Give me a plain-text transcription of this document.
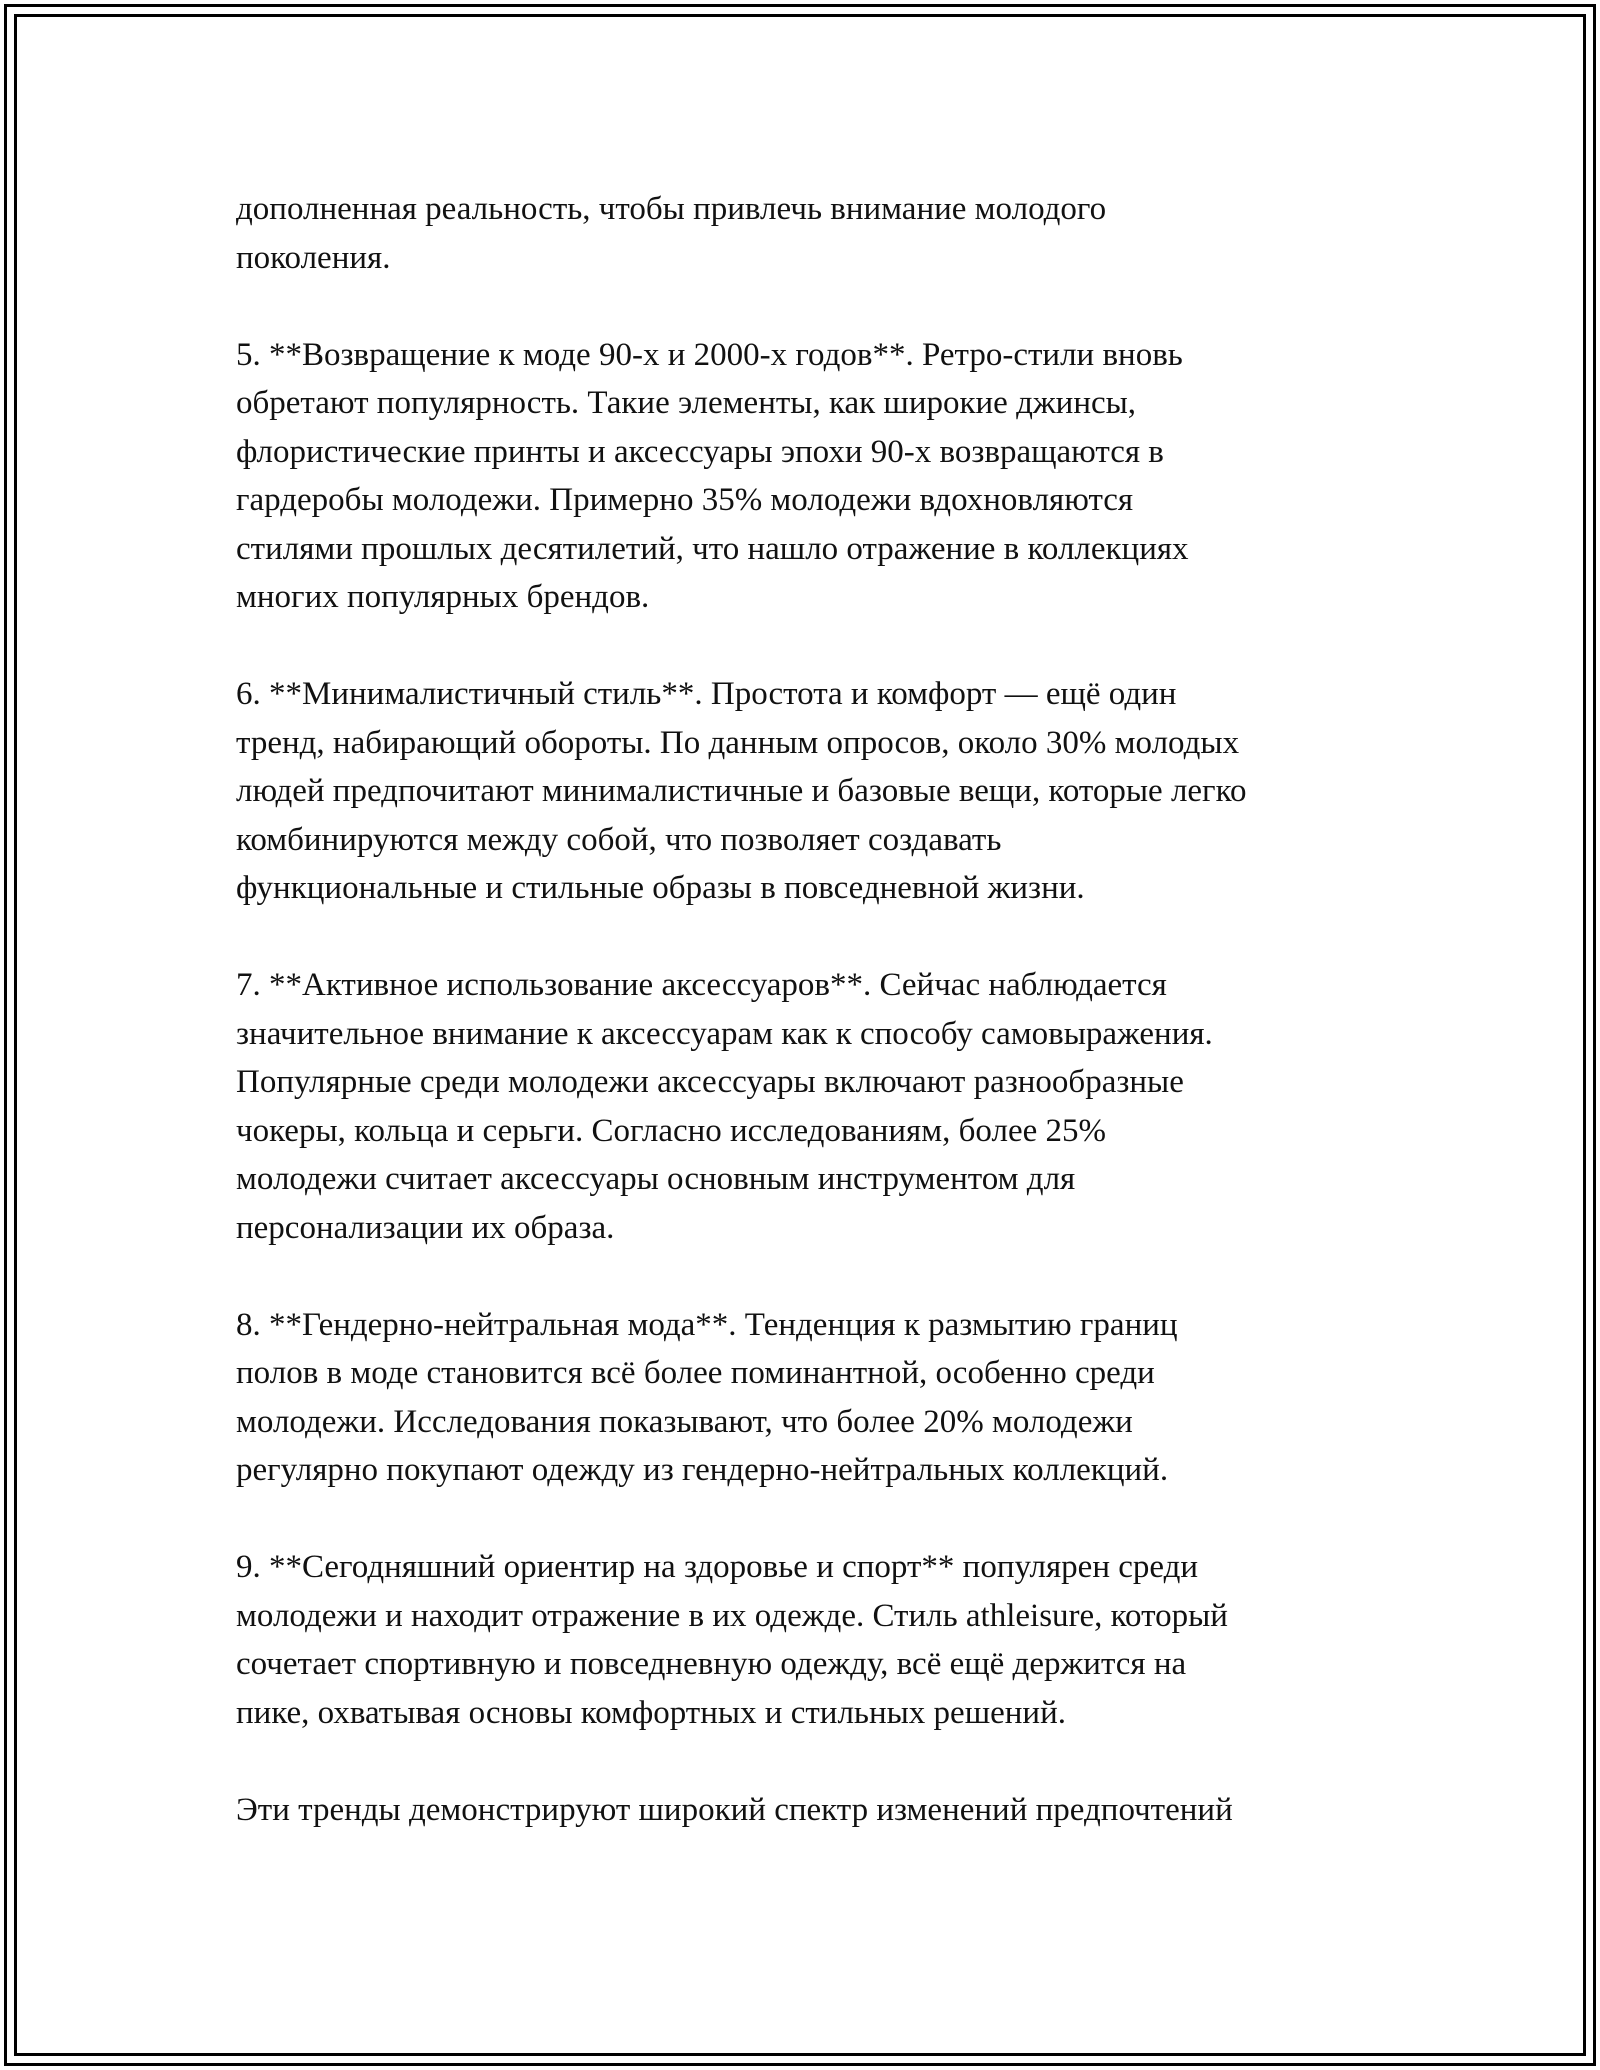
дополненная реальность, чтобы привлечь внимание молодого
поколения.

5. **Возвращение к моде 90-х и 2000-х годов**. Ретро-стили вновь
обретают популярность. Такие элементы, как широкие джинсы,
флористические принты и аксессуары эпохи 90-х возвращаются в
гардеробы молодежи. Примерно 35% молодежи вдохновляются
стилями прошлых десятилетий, что нашло отражение в коллекциях
многих популярных брендов.

6. **Минималистичный стиль**. Простота и комфорт — ещё один
тренд, набирающий обороты. По данным опросов, около 30% молодых
людей предпочитают минималистичные и базовые вещи, которые легко
комбинируются между собой, что позволяет создавать
функциональные и стильные образы в повседневной жизни.

7. **Активное использование аксессуаров**. Сейчас наблюдается
значительное внимание к аксессуарам как к способу самовыражения.
Популярные среди молодежи аксессуары включают разнообразные
чокеры, кольца и серьги. Согласно исследованиям, более 25%
молодежи считает аксессуары основным инструментом для
персонализации их образа.

8. **Гендерно-нейтральная мода**. Тенденция к размытию границ
полов в моде становится всё более поминантной, особенно среди
молодежи. Исследования показывают, что более 20% молодежи
регулярно покупают одежду из гендерно-нейтральных коллекций.

9. **Сегодняшний ориентир на здоровье и спорт** популярен среди
молодежи и находит отражение в их одежде. Стиль athleisure, который
сочетает спортивную и повседневную одежду, всё ещё держится на
пике, охватывая основы комфортных и стильных решений.

Эти тренды демонстрируют широкий спектр изменений предпочтений
